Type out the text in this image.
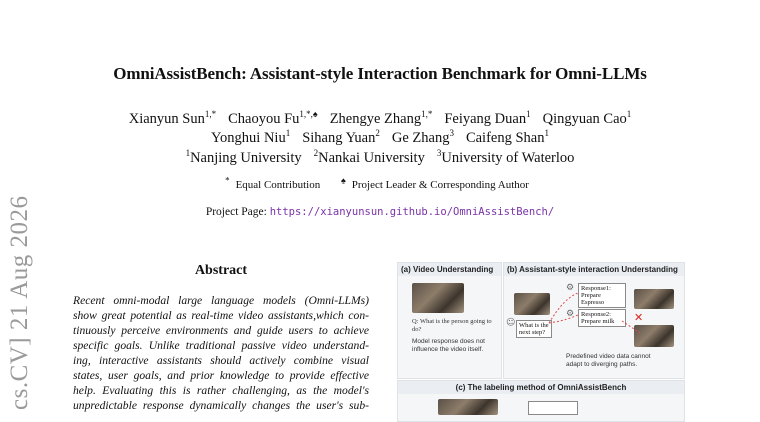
OmniAssistBench: Assistant-style Interaction Benchmark for Omni-LLMs
Xianyun Sun$^{1,*}$ Chaoyou $Fu^{1,*,♠}$ Zhengye Zhang$^{1,*}$ Feiyang Duan$^1$ Qingyuan Cao$^1$
Yonghui Niu$^1$ Sihang Yuan$^2$ Ge Zhang$^3$ Caifeng Shan$^1$
$^1$Nanjing University $^2$Nankai University $^3$University of Waterloo
* Equal Contribution ♠ Project Leader & Corresponding Author
Project Page: https://xianyunsun.github.io/OmniAssistBench/
cs.CV] 21 Aug 2026	Abstract
Recent omni-modal large language models (Omni-LLMs)
show great potential as real-time video assistants,which con-
tinuously perceive environments and guide users to achieve
specific goals. Unlike traditional passive video understand-
ing, interactive assistants should actively combine visual
states, user goals, and prior knowledge to provide effective
help. Evaluating this is rather challenging, as the model's
unpredictable response dynamically changes the user's sub-
(a) Video Understanding
Q: What is the person going to do?
Model response does not influence the video itself.
(b) Assistant-style interaction Understanding
☺ What is the next step?
⚙	Response1: Prepare Espresso
⚙	Response2: Prepare milk	✕
Predefined video data cannot adapt to diverging paths.
(c) The labeling method of OmniAssistBench
